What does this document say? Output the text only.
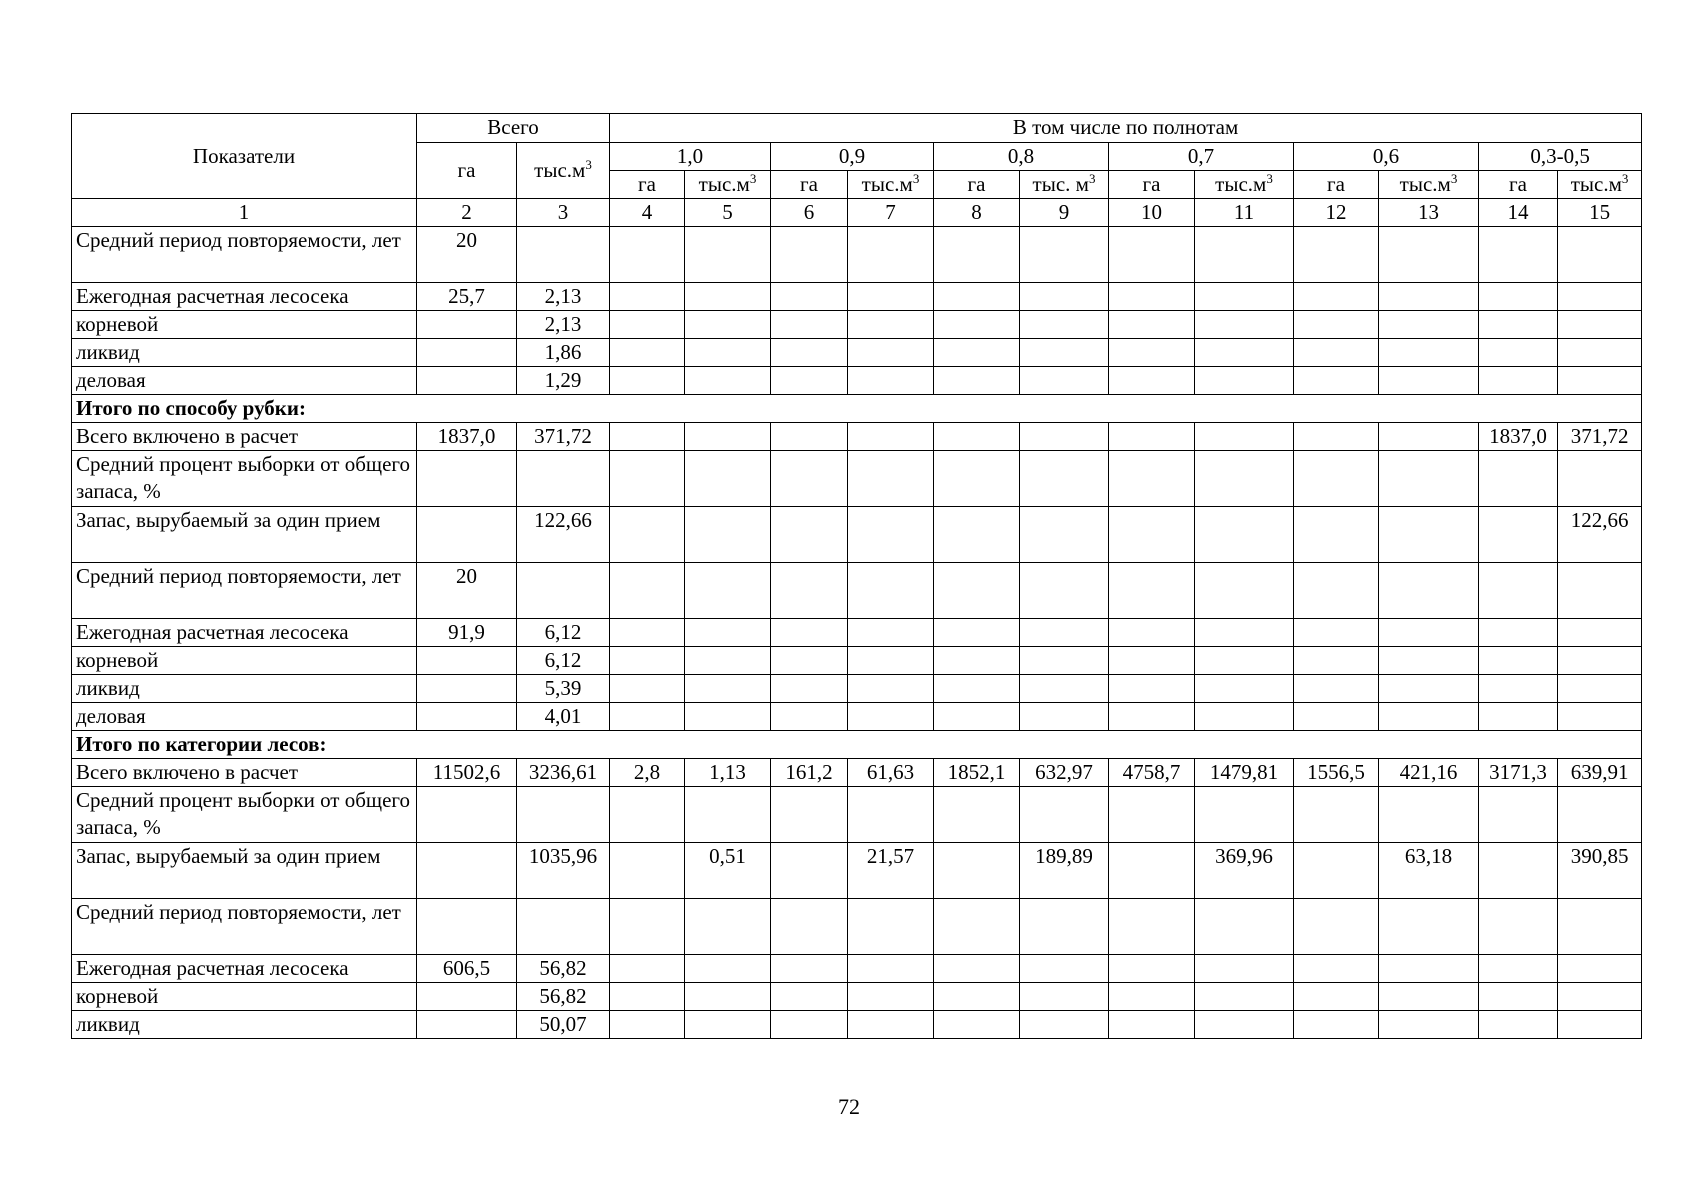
Показатели	Всего		В том числе по полнотам											
	га	$тыс.м^3$	1,0		0,9		0,8		0,7		0,6		0,3-0,5	
			га	$тыс.м^3$	га	$тыс.м^3$	га	тыс. $м^3$	га	$тыс.м^3$	га	$тыс.м^3$	га	$тыс.м^3$
1	2	3	4	5	6	7	8	9	10	11	12	13	14	15
Средний период повторяемости, лет	20													
Ежегодная расчетная лесосека	25,7	2,13												
корневой		2,13												
ликвид		1,86												
деловая		1,29												
Итого по способу рубки:														
Всего включено в расчет	1837,0	371,72											1837,0	371,72
Средний процент выборки от общего запаса, %														
Запас, вырубаемый за один прием		122,66												122,66
Средний период повторяемости, лет	20													
Ежегодная расчетная лесосека	91,9	6,12												
корневой		6,12												
ликвид		5,39												
деловая		4,01												
Итого по категории лесов:														
Всего включено в расчет	11502,6	3236,61	2,8	1,13	161,2	61,63	1852,1	632,97	4758,7	1479,81	1556,5	421,16	3171,3	639,91
Средний процент выборки от общего запаса, %														
Запас, вырубаемый за один прием		1035,96		0,51		21,57		189,89		369,96		63,18		390,85
Средний период повторяемости, лет														
Ежегодная расчетная лесосека	606,5	56,82												
корневой		56,82												
ликвид		50,07												
72
